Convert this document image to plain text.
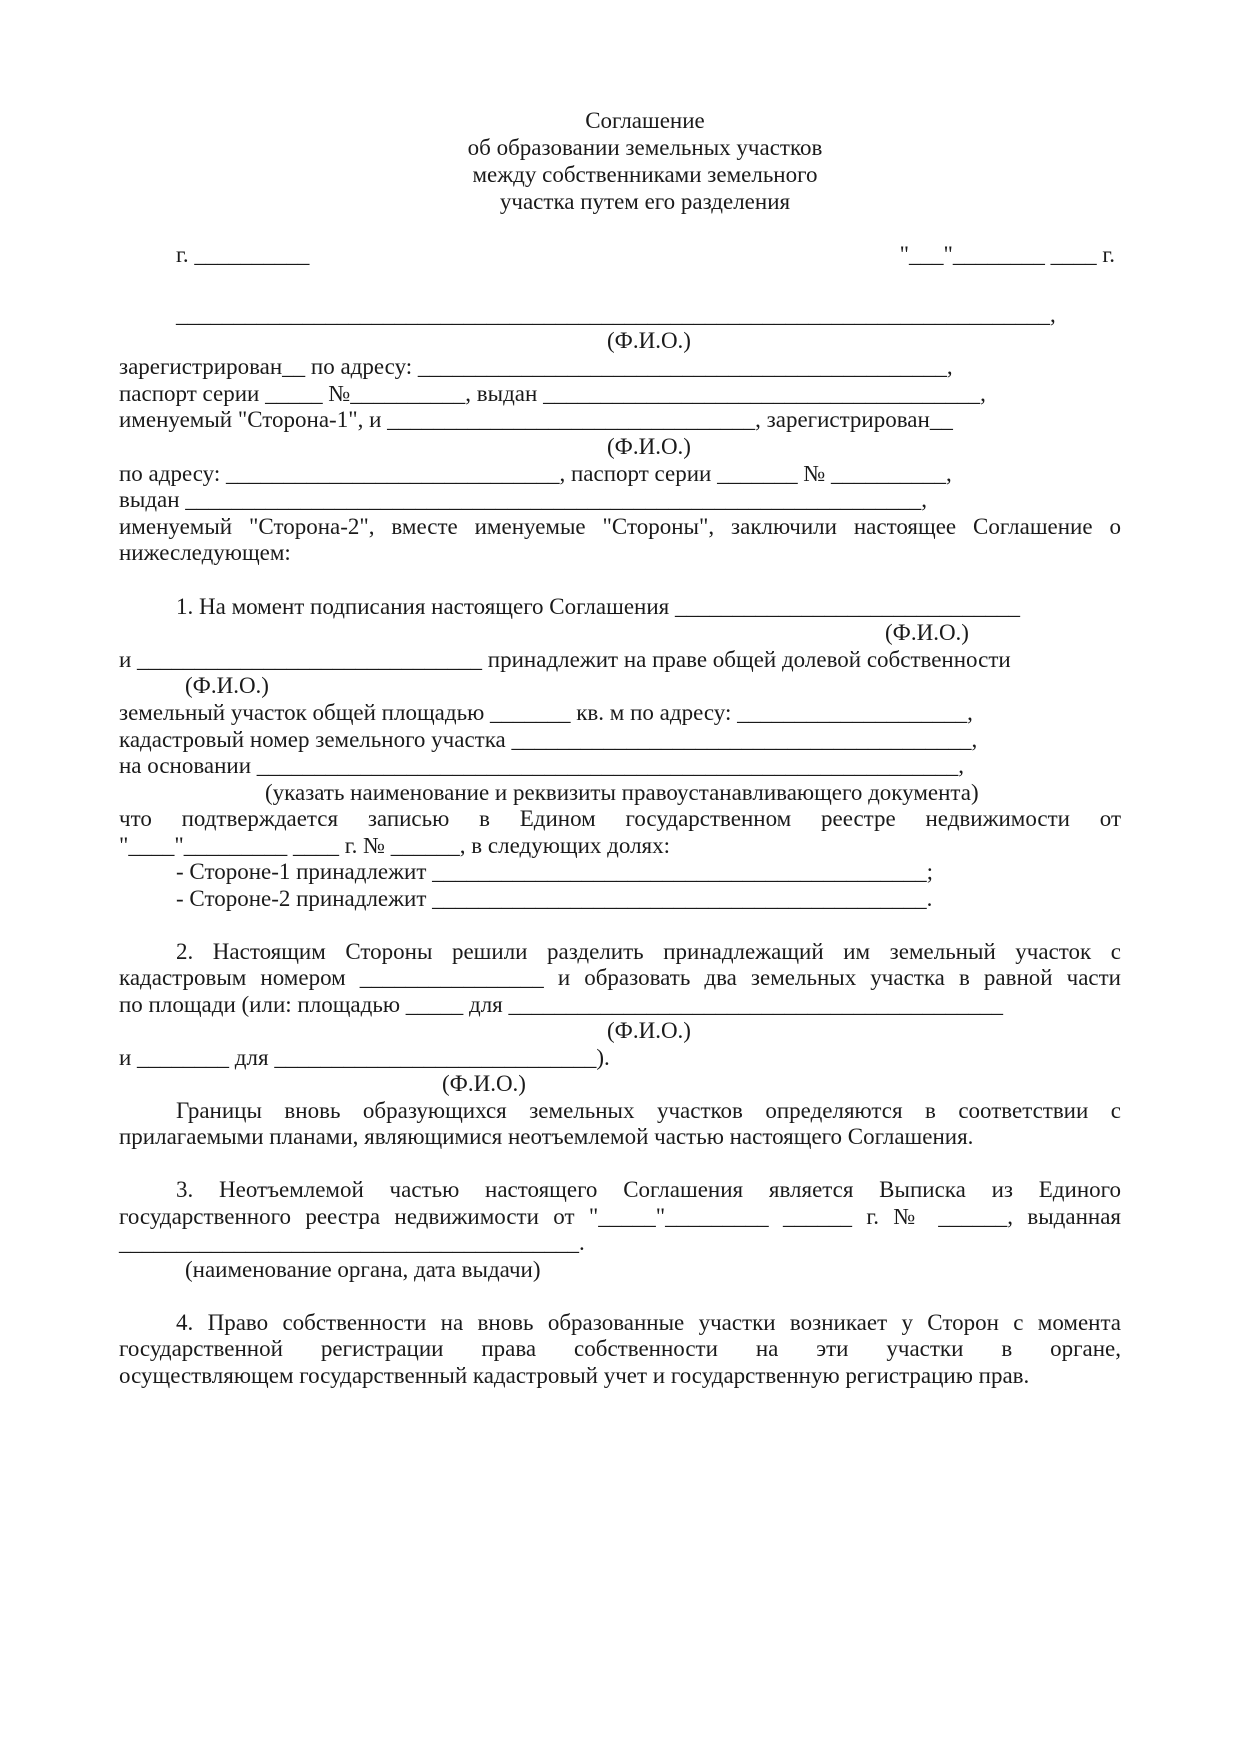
Соглашение

об образовании земельных участков

между собственниками земельного

участка путем его разделения

г. __________	"___"________ ____ г.

____________________________________________________________________________,

(Ф.И.О.)

зарегистрирован__ по адресу: ______________________________________________,

паспорт серии _____ №__________, выдан ______________________________________,

именуемый "Сторона-1", и ________________________________, зарегистрирован__

(Ф.И.О.)

по адресу: _____________________________, паспорт серии _______ № __________,

выдан ________________________________________________________________,

именуемый "Сторона-2", вместе именуемые "Стороны", заключили настоящее Соглашение о

нижеследующем:

1. На момент подписания настоящего Соглашения ______________________________

(Ф.И.О.)

и ______________________________ принадлежит на праве общей долевой собственности

(Ф.И.О.)

земельный участок общей площадью _______ кв. м по адресу: ____________________,

кадастровый номер земельного участка ________________________________________,

на основании _____________________________________________________________,

(указать наименование и реквизиты правоустанавливающего документа)

что подтверждается записью в Едином государственном реестре недвижимости от

"____"_________ ____ г. № ______, в следующих долях:

- Стороне-1 принадлежит ___________________________________________;

- Стороне-2 принадлежит ___________________________________________.

2. Настоящим Стороны решили разделить принадлежащий им земельный участок с

кадастровым номером ________________ и образовать два земельных участка в равной части

по площади (или: площадью _____ для ___________________________________________

(Ф.И.О.)

и ________ для ____________________________).

(Ф.И.О.)

Границы вновь образующихся земельных участков определяются в соответствии с

прилагаемыми планами, являющимися неотъемлемой частью настоящего Соглашения.

3. Неотъемлемой частью настоящего Соглашения является Выписка из Единого

государственного реестра недвижимости от "_____"_________ ______ г. № ______, выданная

________________________________________.

(наименование органа, дата выдачи)

4. Право собственности на вновь образованные участки возникает у Сторон с момента

государственной регистрации права собственности на эти участки в органе,

осуществляющем государственный кадастровый учет и государственную регистрацию прав.
